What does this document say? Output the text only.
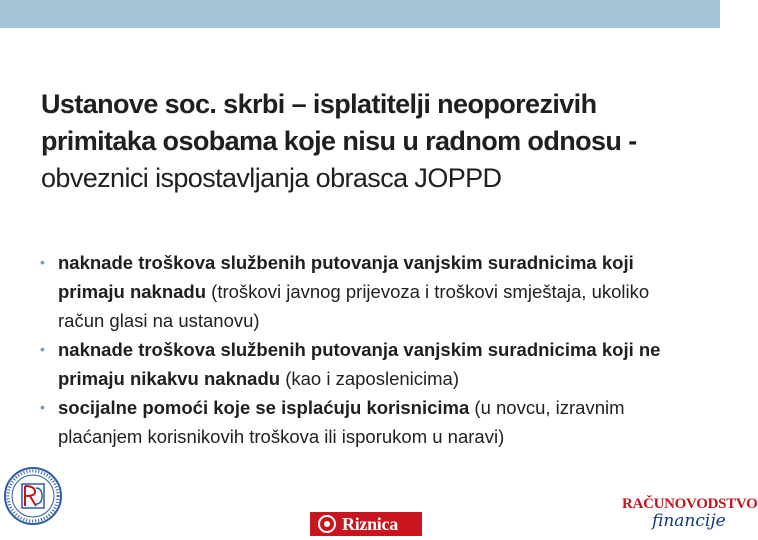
Ustanove soc. skrbi – isplatitelji neoporezivih primitaka osobama koje nisu u radnom odnosu -
obveznici ispostavljanja obrasca JOPPD
• naknade troškova službenih putovanja vanjskim suradnicima koji primaju naknadu (troškovi javnog prijevoza i troškovi smještaja, ukoliko račun glasi na ustanovu)
• naknade troškova službenih putovanja vanjskim suradnicima koji ne primaju nikakvu naknadu (kao i zaposlenicima)
• socijalne pomoći koje se isplaćuju korisnicima (u novcu, izravnim plaćanjem korisnikovih troškova ili isporukom u naravi)
Riznica
RAČUNOVODSTVO
financije
